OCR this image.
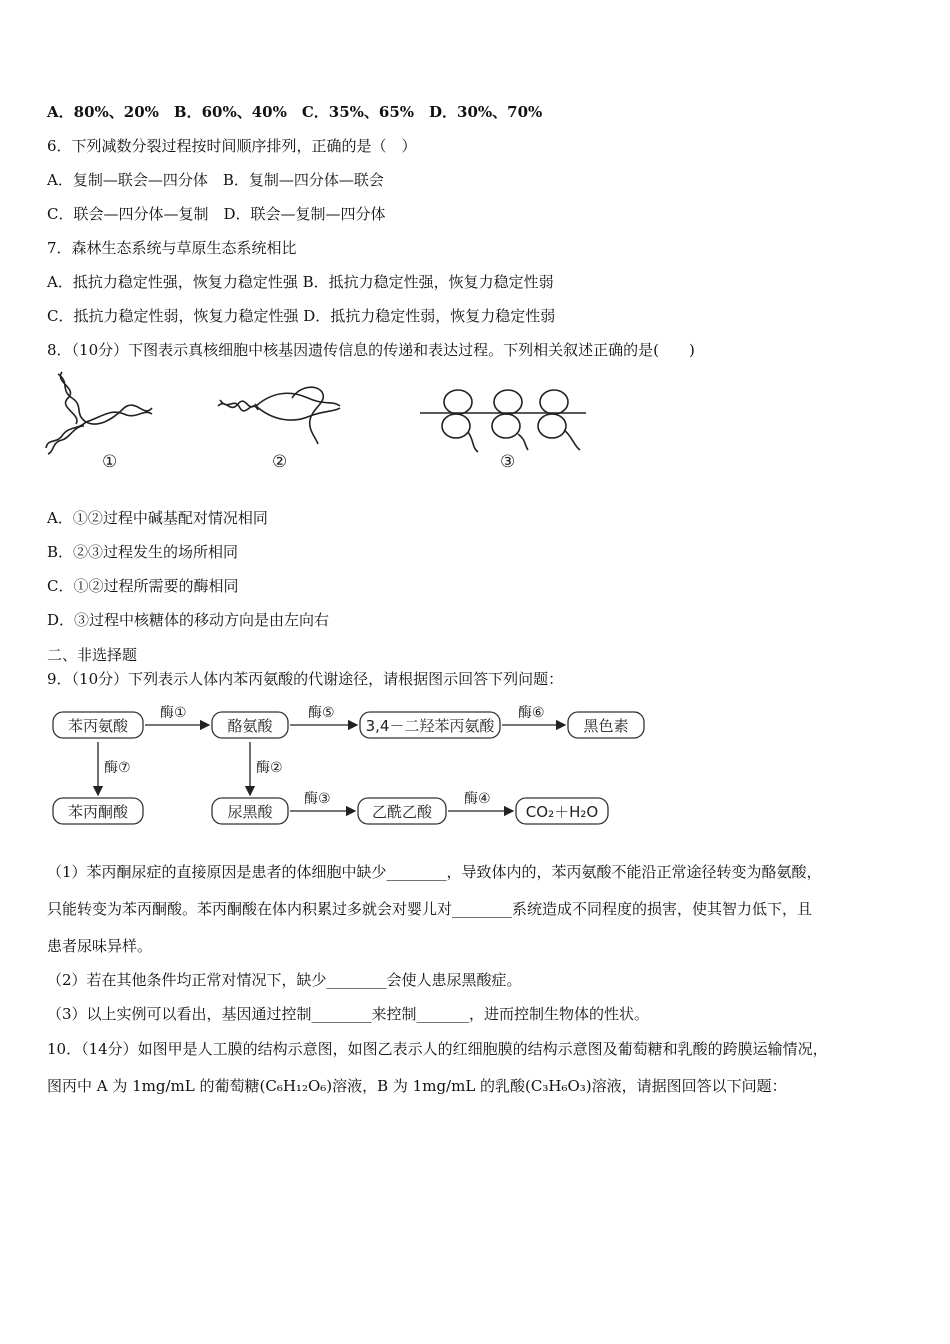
A．80%、20%　B．60%、40%　C．35%、65%　D．30%、70%
6．下列减数分裂过程按时间顺序排列，正确的是（　）
A．复制—联会—四分体　B．复制—四分体—联会
C．联会—四分体—复制　D．联会—复制—四分体
7．森林生态系统与草原生态系统相比
A．抵抗力稳定性强，恢复力稳定性强 B．抵抗力稳定性强，恢复力稳定性弱
C．抵抗力稳定性弱，恢复力稳定性强 D．抵抗力稳定性弱，恢复力稳定性弱
8．（10分）下图表示真核细胞中核基因遗传信息的传递和表达过程。下列相关叙述正确的是(　　)
①	②	③
A．①②过程中碱基配对情况相同
B．②③过程发生的场所相同
C．①②过程所需要的酶相同
D．③过程中核糖体的移动方向是由左向右
二、非选择题
9．（10分）下列表示人体内苯丙氨酸的代谢途径，请根据图示回答下列问题：
苯丙氨酸	酪氨酸	3,4－二羟苯丙氨酸	黑色素
苯丙酮酸	尿黑酸	乙酰乙酸	CO₂＋H₂O
酶①	酶⑤	酶⑥
酶⑦	酶②
酶③	酶④
（1）苯丙酮尿症的直接原因是患者的体细胞中缺少________，导致体内的，苯丙氨酸不能沿正常途径转变为酪氨酸，
只能转变为苯丙酮酸。苯丙酮酸在体内积累过多就会对婴儿对________系统造成不同程度的损害，使其智力低下，且
患者尿味异样。
（2）若在其他条件均正常对情况下，缺少________会使人患尿黑酸症。
（3）以上实例可以看出，基因通过控制________来控制_______，进而控制生物体的性状。
10．（14分）如图甲是人工膜的结构示意图，如图乙表示人的红细胞膜的结构示意图及葡萄糖和乳酸的跨膜运输情况，
图丙中 A 为 1mg/mL 的葡萄糖(C₆H₁₂O₆)溶液，B 为 1mg/mL 的乳酸(C₃H₆O₃)溶液，请据图回答以下问题：
